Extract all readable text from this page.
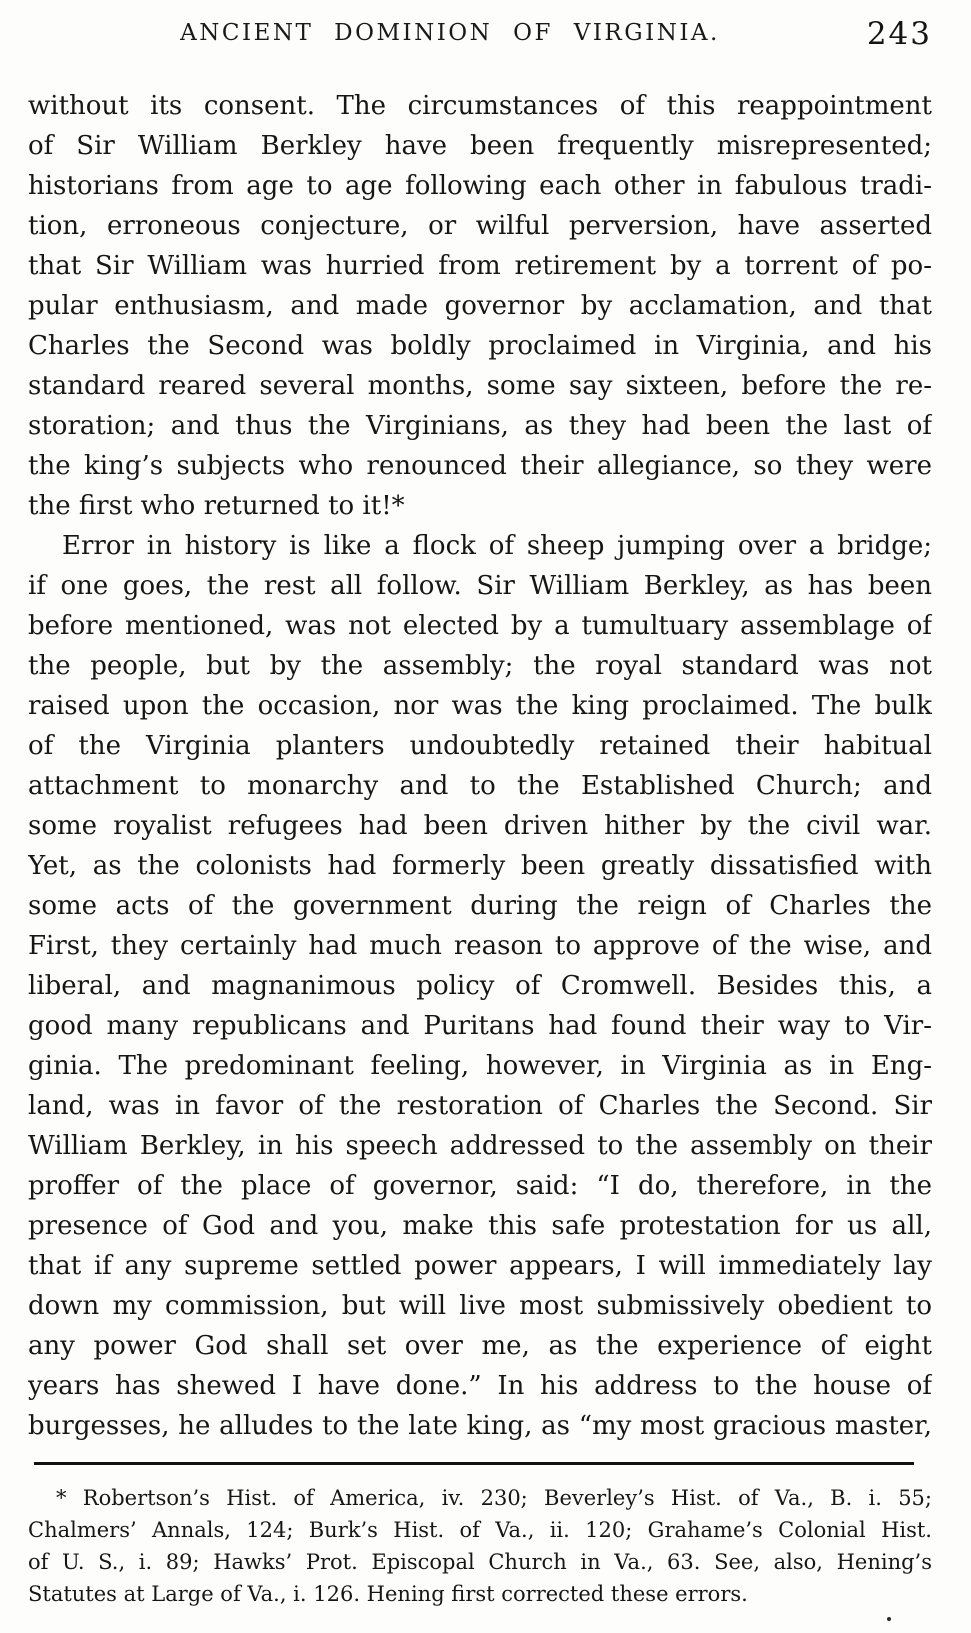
ANCIENT DOMINION OF VIRGINIA.	243
without its consent. The circumstances of this reappointment
of Sir William Berkley have been frequently misrepresented;
historians from age to age following each other in fabulous tradi-
tion, erroneous conjecture, or wilful perversion, have asserted
that Sir William was hurried from retirement by a torrent of po-
pular enthusiasm, and made governor by acclamation, and that
Charles the Second was boldly proclaimed in Virginia, and his
standard reared several months, some say sixteen, before the re-
storation; and thus the Virginians, as they had been the last of
the king’s subjects who renounced their allegiance, so they were
the first who returned to it!*
Error in history is like a flock of sheep jumping over a bridge;
if one goes, the rest all follow. Sir William Berkley, as has been
before mentioned, was not elected by a tumultuary assemblage of
the people, but by the assembly; the royal standard was not
raised upon the occasion, nor was the king proclaimed. The bulk
of the Virginia planters undoubtedly retained their habitual
attachment to monarchy and to the Established Church; and
some royalist refugees had been driven hither by the civil war.
Yet, as the colonists had formerly been greatly dissatisfied with
some acts of the government during the reign of Charles the
First, they certainly had much reason to approve of the wise, and
liberal, and magnanimous policy of Cromwell. Besides this, a
good many republicans and Puritans had found their way to Vir-
ginia. The predominant feeling, however, in Virginia as in Eng-
land, was in favor of the restoration of Charles the Second. Sir
William Berkley, in his speech addressed to the assembly on their
proffer of the place of governor, said: “I do, therefore, in the
presence of God and you, make this safe protestation for us all,
that if any supreme settled power appears, I will immediately lay
down my commission, but will live most submissively obedient to
any power God shall set over me, as the experience of eight
years has shewed I have done.” In his address to the house of
burgesses, he alludes to the late king, as “my most gracious master,
* Robertson’s Hist. of America, iv. 230; Beverley’s Hist. of Va., B. i. 55;
Chalmers’ Annals, 124; Burk’s Hist. of Va., ii. 120; Grahame’s Colonial Hist.
of U. S., i. 89; Hawks’ Prot. Episcopal Church in Va., 63. See, also, Hening’s
Statutes at Large of Va., i. 126. Hening first corrected these errors.
